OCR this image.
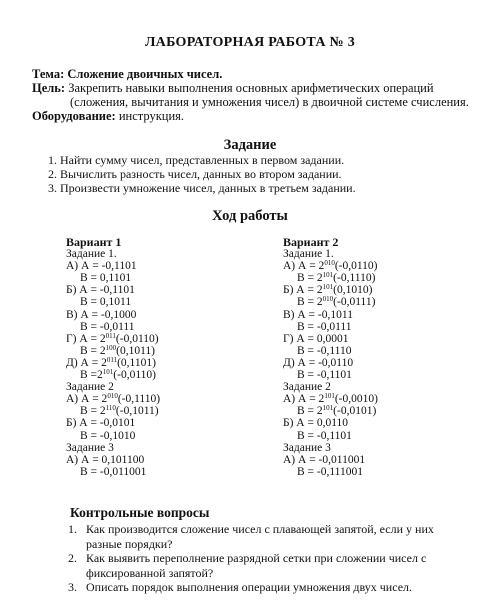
ЛАБОРАТОРНАЯ РАБОТА № 3
Тема: Сложение двоичных чисел.
Цель: Закрепить навыки выполнения основных арифметических операций
(сложения, вычитания и умножения чисел) в двоичной системе счисления.
Оборудование: инструкция.
Задание
1. Найти сумму чисел, представленных в первом задании.
2. Вычислить разность чисел, данных во втором задании.
3. Произвести умножение чисел, данных в третьем задании.
Ход работы
Вариант 1
Задание 1.
А) А = -0,1101
В = 0,1101
Б) А = -0,1101
В = 0,1011
В) А = -0,1000
В = -0,0111
Г) $А = 2^{011}(-0,0110)$
$В = 2^{100}(0,1011)$
Д) $А = 2^{011}(0,1101)$
$В =2^{101}(-0,0110)$
Задание 2
А) $А = 2^{010}(-0,1110)$
$В = 2^{110}(-0,1011)$
Б) А = -0,0101
В = -0,1010
Задание 3
А) А = 0,101100
В = -0,011001
Вариант 2
Задание 1.
А) $А = 2^{010}(-0,0110)$
$В = 2^{101}(-0,1110)$
Б) $А = 2^{101}(0,1010)$
$В = 2^{010}(-0,0111)$
В) А = -0,1011
В = -0,0111
Г) А = 0,0001
В = -0,1110
Д) А = -0,0110
В = -0,1101
Задание 2
А) $А = 2^{101}(-0,0010)$
$В = 2^{101}(-0,0101)$
Б) А = 0,0110
В = -0,1101
Задание 3
А) А = -0,011001
В = -0,111001
Контрольные вопросы
1. Как производится сложение чисел с плавающей запятой, если у них
разные порядки?
2. Как выявить переполнение разрядной сетки при сложении чисел с
фиксированной запятой?
3. Описать порядок выполнения операции умножения двух чисел.
